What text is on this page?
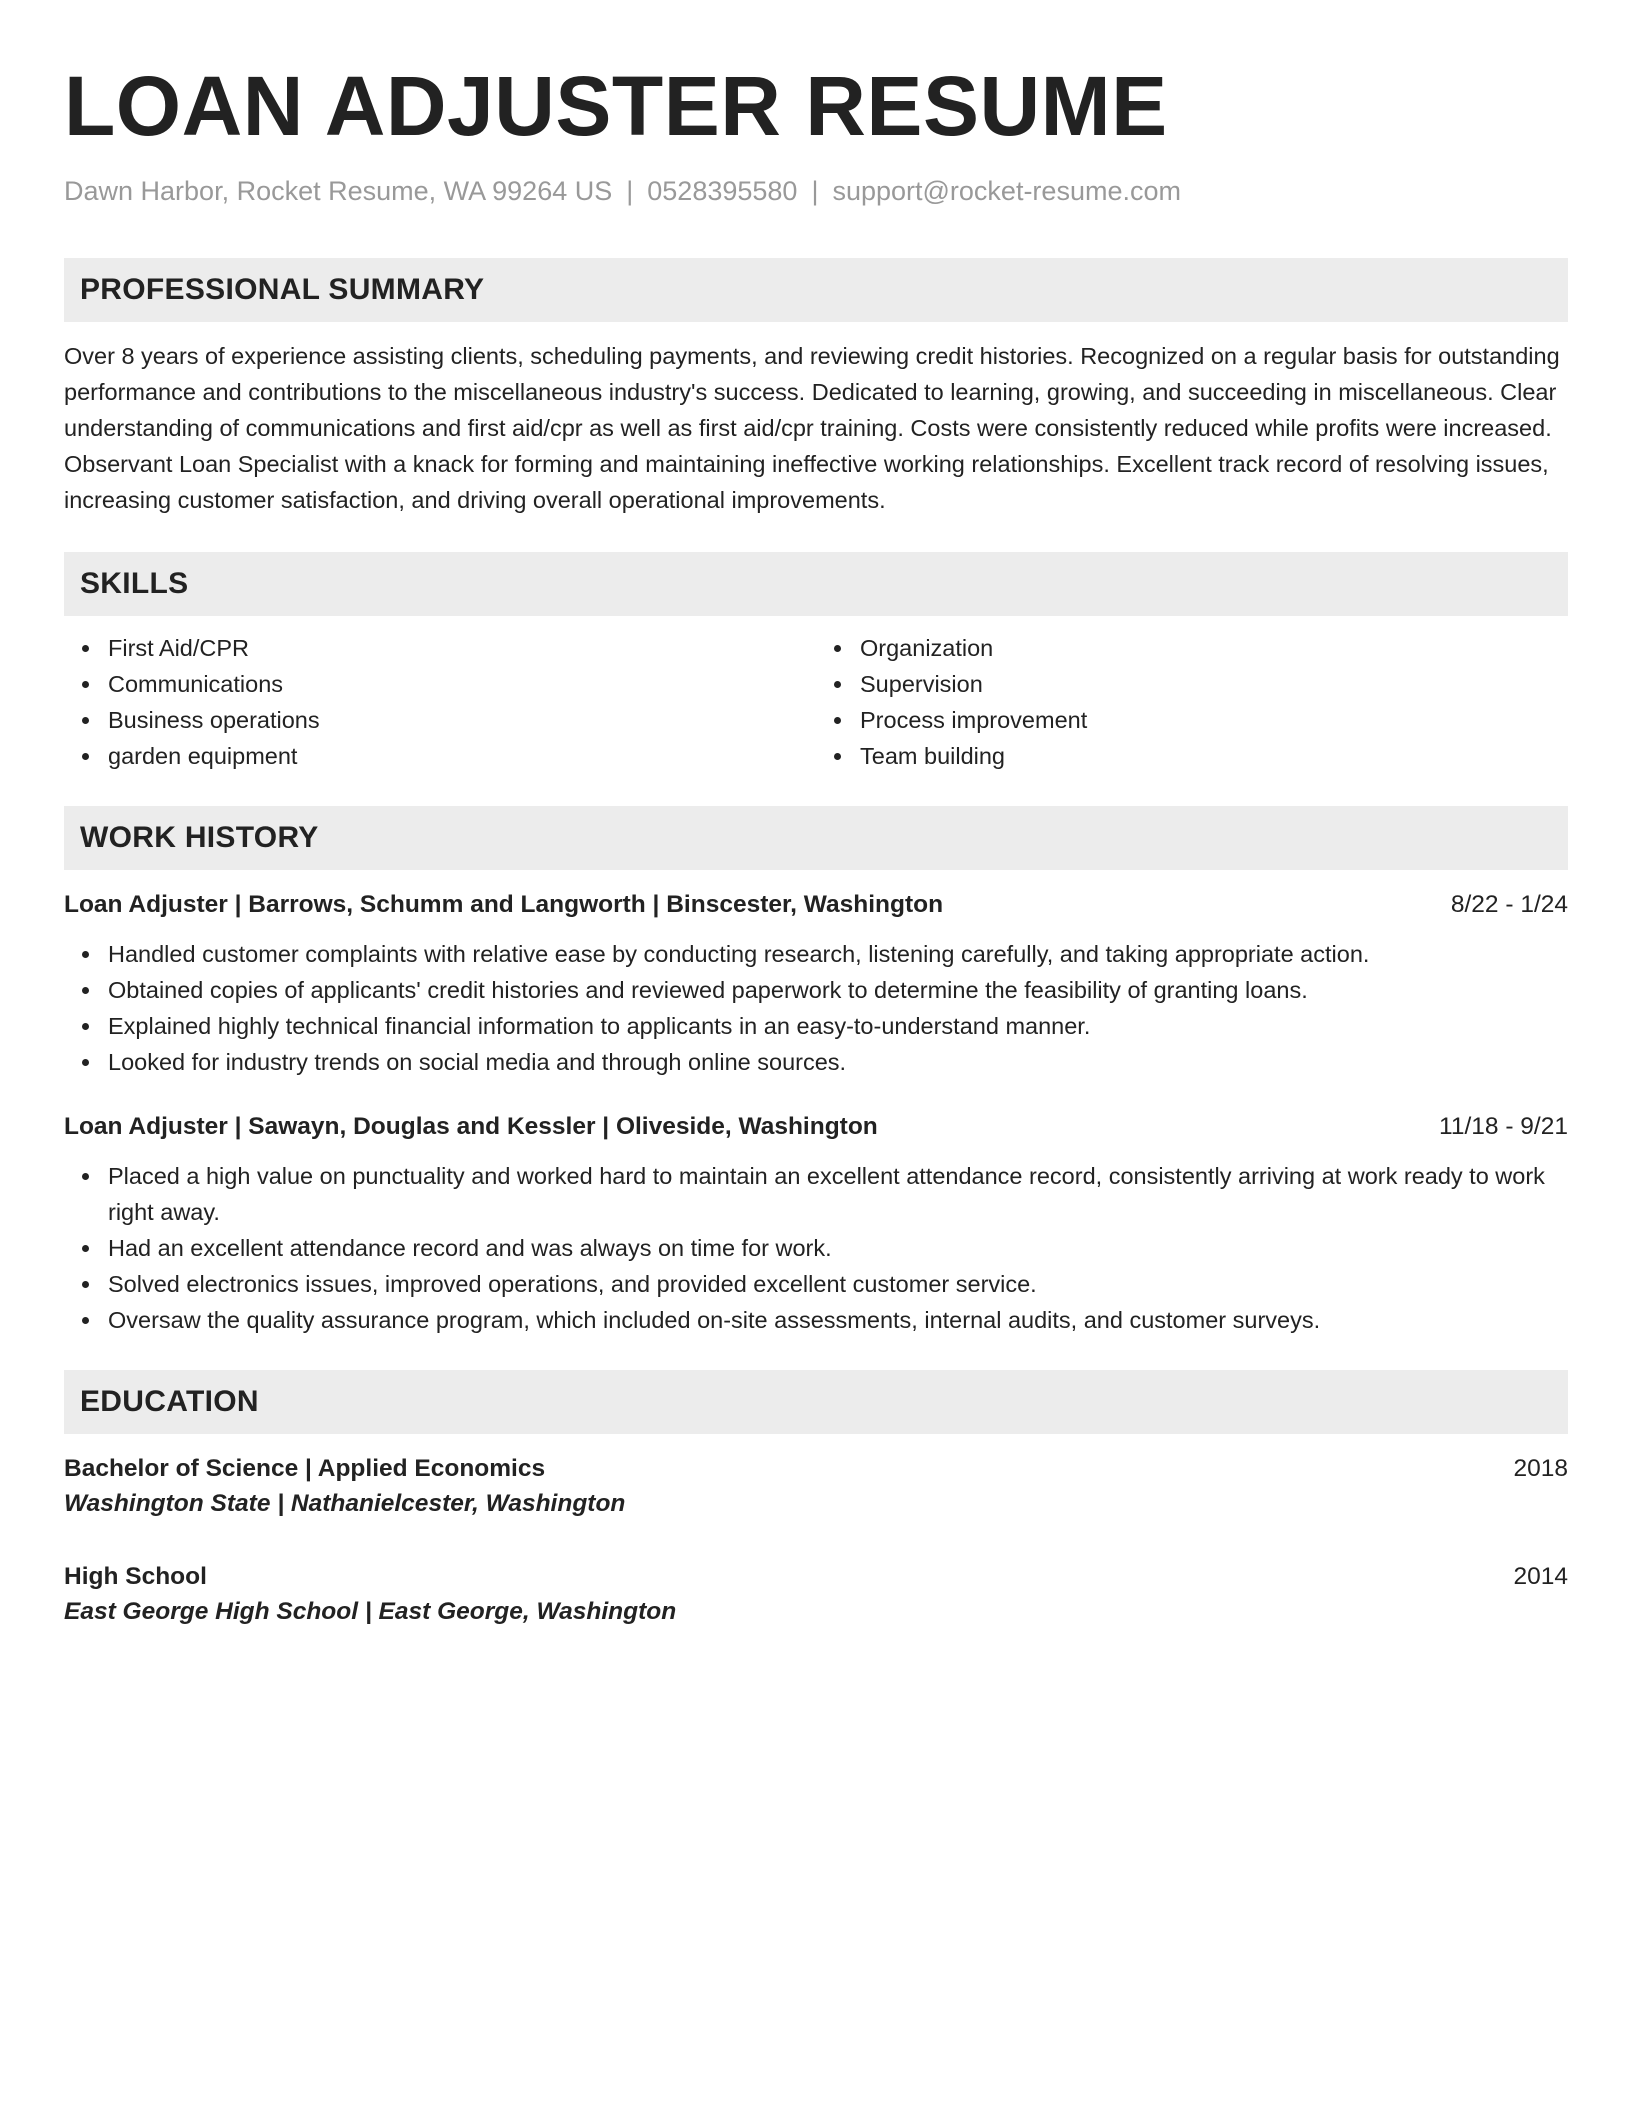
LOAN ADJUSTER RESUME
Dawn Harbor, Rocket Resume, WA 99264 US | 0528395580 | support@rocket-resume.com
PROFESSIONAL SUMMARY
Over 8 years of experience assisting clients, scheduling payments, and reviewing credit histories. Recognized on a regular basis for outstanding performance and contributions to the miscellaneous industry's success. Dedicated to learning, growing, and succeeding in miscellaneous. Clear understanding of communications and first aid/cpr as well as first aid/cpr training. Costs were consistently reduced while profits were increased. Observant Loan Specialist with a knack for forming and maintaining ineffective working relationships. Excellent track record of resolving issues, increasing customer satisfaction, and driving overall operational improvements.
SKILLS
First Aid/CPR
Communications
Business operations
garden equipment
Organization
Supervision
Process improvement
Team building
WORK HISTORY
Loan Adjuster | Barrows, Schumm and Langworth | Binscester, Washington	8/22 - 1/24
Handled customer complaints with relative ease by conducting research, listening carefully, and taking appropriate action.
Obtained copies of applicants' credit histories and reviewed paperwork to determine the feasibility of granting loans.
Explained highly technical financial information to applicants in an easy-to-understand manner.
Looked for industry trends on social media and through online sources.
Loan Adjuster | Sawayn, Douglas and Kessler | Oliveside, Washington	11/18 - 9/21
Placed a high value on punctuality and worked hard to maintain an excellent attendance record, consistently arriving at work ready to work right away.
Had an excellent attendance record and was always on time for work.
Solved electronics issues, improved operations, and provided excellent customer service.
Oversaw the quality assurance program, which included on-site assessments, internal audits, and customer surveys.
EDUCATION
Bachelor of Science | Applied Economics	2018
Washington State | Nathanielcester, Washington
High School	2014
East George High School | East George, Washington
